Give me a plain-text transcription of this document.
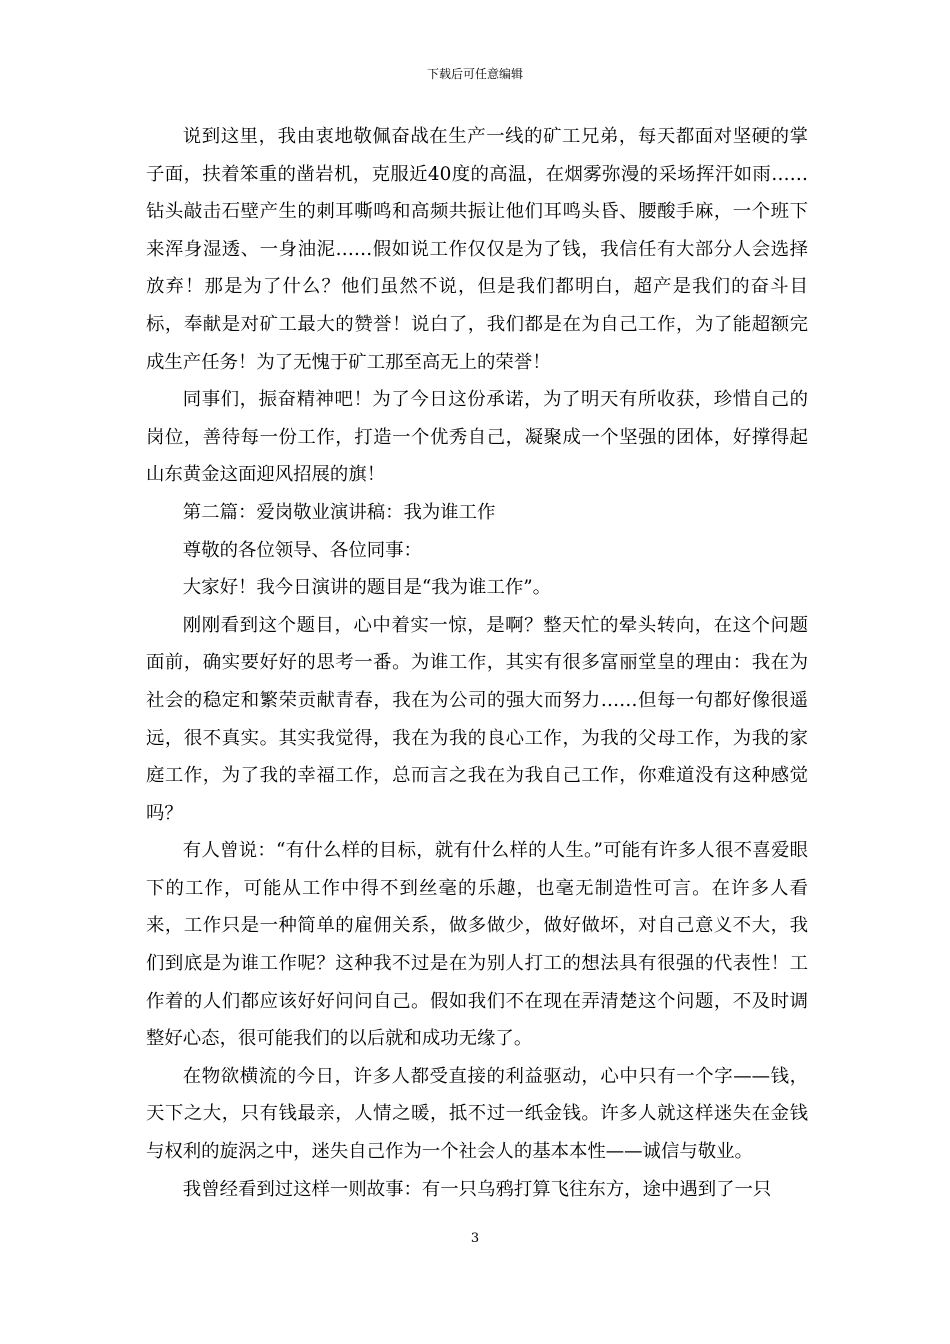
下载后可任意编辑

说到这里，我由衷地敬佩奋战在生产一线的矿工兄弟，每天都面对坚硬的掌子面，扶着笨重的凿岩机，克服近40度的高温，在烟雾弥漫的采场挥汗如雨……钻头敲击石壁产生的刺耳嘶鸣和高频共振让他们耳鸣头昏、腰酸手麻，一个班下来浑身湿透、一身油泥……假如说工作仅仅是为了钱，我信任有大部分人会选择放弃！那是为了什么？他们虽然不说，但是我们都明白，超产是我们的奋斗目标，奉献是对矿工最大的赞誉！说白了，我们都是在为自己工作，为了能超额完成生产任务！为了无愧于矿工那至高无上的荣誉！

同事们，振奋精神吧！为了今日这份承诺，为了明天有所收获，珍惜自己的岗位，善待每一份工作，打造一个优秀自己，凝聚成一个坚强的团体，好撑得起山东黄金这面迎风招展的旗！

第二篇：爱岗敬业演讲稿：我为谁工作

尊敬的各位领导、各位同事：

大家好！我今日演讲的题目是“我为谁工作”。

刚刚看到这个题目，心中着实一惊，是啊？整天忙的晕头转向，在这个问题面前，确实要好好的思考一番。为谁工作，其实有很多富丽堂皇的理由：我在为社会的稳定和繁荣贡献青春，我在为公司的强大而努力……但每一句都好像很遥远，很不真实。其实我觉得，我在为我的良心工作，为我的父母工作，为我的家庭工作，为了我的幸福工作，总而言之我在为我自己工作，你难道没有这种感觉吗？

有人曾说：“有什么样的目标，就有什么样的人生。”可能有许多人很不喜爱眼下的工作，可能从工作中得不到丝毫的乐趣，也毫无制造性可言。在许多人看来，工作只是一种简单的雇佣关系，做多做少，做好做坏，对自己意义不大，我们到底是为谁工作呢？这种我不过是在为别人打工的想法具有很强的代表性！工作着的人们都应该好好问问自己。假如我们不在现在弄清楚这个问题，不及时调整好心态，很可能我们的以后就和成功无缘了。

在物欲横流的今日，许多人都受直接的利益驱动，心中只有一个字——钱，天下之大，只有钱最亲，人情之暖，抵不过一纸金钱。许多人就这样迷失在金钱与权利的旋涡之中，迷失自己作为一个社会人的基本本性——诚信与敬业。

我曾经看到过这样一则故事：有一只乌鸦打算飞往东方，途中遇到了一只

3
